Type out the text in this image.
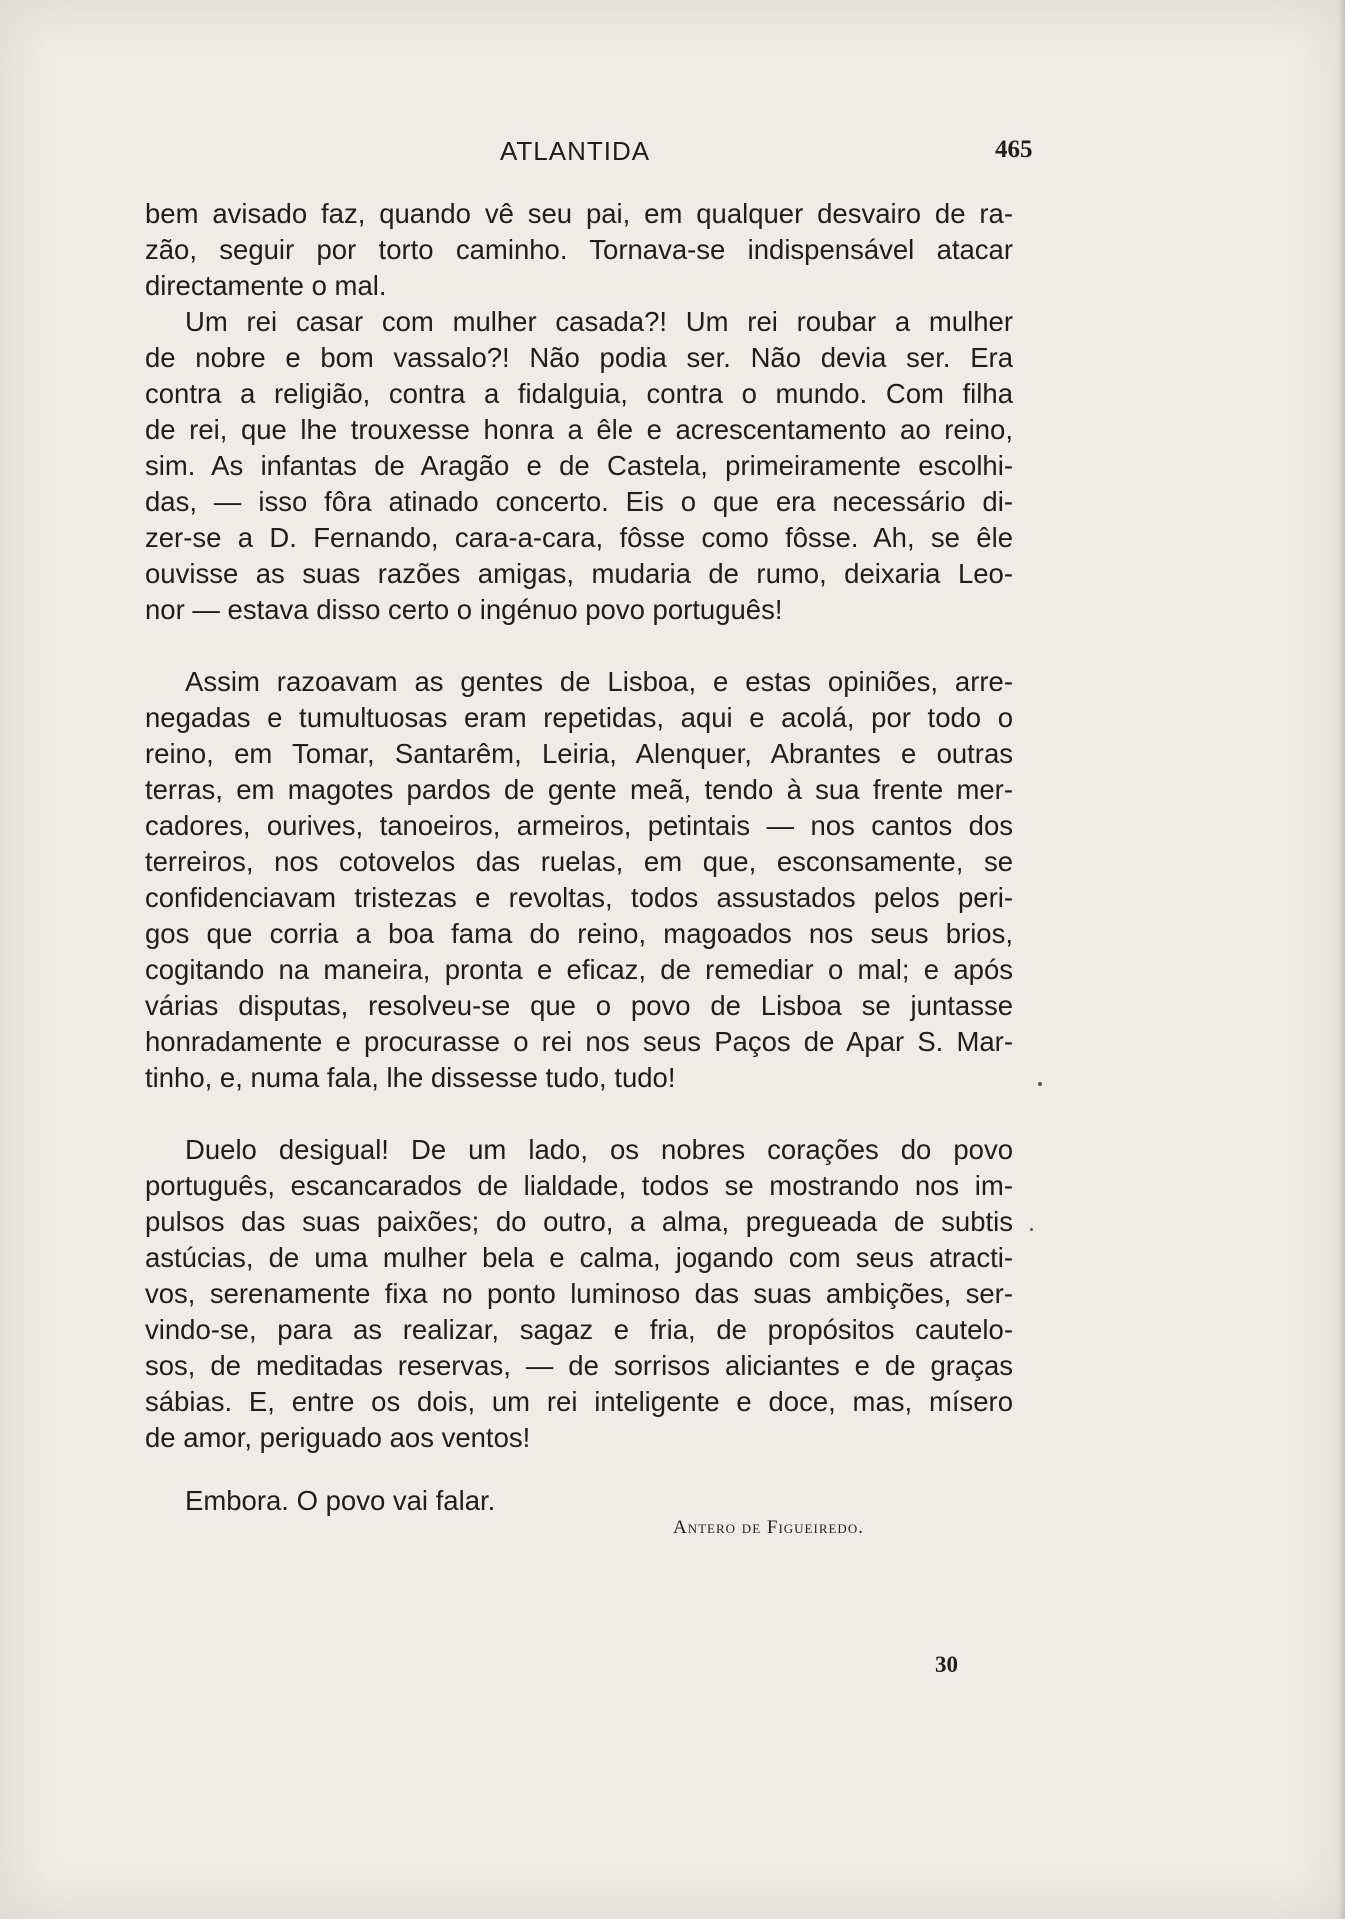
ATLANTIDA	465

bem avisado faz, quando vê seu pai, em qualquer desvairo de ra-
zão, seguir por torto caminho. Tornava-se indispensável atacar
directamente o mal.

Um rei casar com mulher casada?! Um rei roubar a mulher
de nobre e bom vassalo?! Não podia ser. Não devia ser. Era
contra a religião, contra a fidalguia, contra o mundo. Com filha
de rei, que lhe trouxesse honra a êle e acrescentamento ao reino,
sim. As infantas de Aragão e de Castela, primeiramente escolhi-
das, — isso fôra atinado concerto. Eis o que era necessário di-
zer-se a D. Fernando, cara-a-cara, fôsse como fôsse. Ah, se êle
ouvisse as suas razões amigas, mudaria de rumo, deixaria Leo-
nor — estava disso certo o ingénuo povo português!

Assim razoavam as gentes de Lisboa, e estas opiniões, arre-
negadas e tumultuosas eram repetidas, aqui e acolá, por todo o
reino, em Tomar, Santarêm, Leiria, Alenquer, Abrantes e outras
terras, em magotes pardos de gente meã, tendo à sua frente mer-
cadores, ourives, tanoeiros, armeiros, petintais — nos cantos dos
terreiros, nos cotovelos das ruelas, em que, esconsamente, se
confidenciavam tristezas e revoltas, todos assustados pelos peri-
gos que corria a boa fama do reino, magoados nos seus brios,
cogitando na maneira, pronta e eficaz, de remediar o mal; e após
várias disputas, resolveu-se que o povo de Lisboa se juntasse
honradamente e procurasse o rei nos seus Paços de Apar S. Mar-
tinho, e, numa fala, lhe dissesse tudo, tudo!

Duelo desigual! De um lado, os nobres corações do povo
português, escancarados de lialdade, todos se mostrando nos im-
pulsos das suas paixões; do outro, a alma, pregueada de subtis
astúcias, de uma mulher bela e calma, jogando com seus atracti-
vos, serenamente fixa no ponto luminoso das suas ambições, ser-
vindo-se, para as realizar, sagaz e fria, de propósitos cautelo-
sos, de meditadas reservas, — de sorrisos aliciantes e de graças
sábias. E, entre os dois, um rei inteligente e doce, mas, mísero
de amor, periguado aos ventos!

Embora. O povo vai falar.
Antero de Figueiredo.
30
